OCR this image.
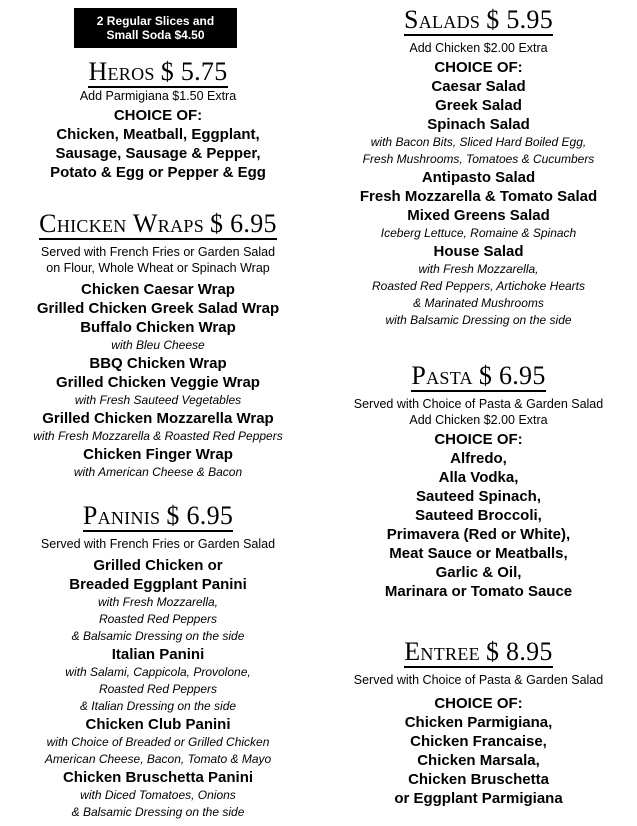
2 Regular Slices and
Small Soda $4.50
Heros $ 5.75
Add Parmigiana $1.50 Extra
CHOICE OF:
Chicken, Meatball, Eggplant,
Sausage, Sausage & Pepper,
Potato & Egg or Pepper & Egg
Chicken Wraps $ 6.95
Served with French Fries or Garden Salad
on Flour, Whole Wheat or Spinach Wrap
Chicken Caesar Wrap
Grilled Chicken Greek Salad Wrap
Buffalo Chicken Wrap
with Bleu Cheese
BBQ Chicken Wrap
Grilled Chicken Veggie Wrap
with Fresh Sauteed Vegetables
Grilled Chicken Mozzarella Wrap
with Fresh Mozzarella & Roasted Red Peppers
Chicken Finger Wrap
with American Cheese & Bacon
Paninis $ 6.95
Served with French Fries or Garden Salad
Grilled Chicken or
Breaded Eggplant Panini
with Fresh Mozzarella,
Roasted Red Peppers
& Balsamic Dressing on the side
Italian Panini
with Salami, Cappicola, Provolone,
Roasted Red Peppers
& Italian Dressing on the side
Chicken Club Panini
with Choice of Breaded or Grilled Chicken
American Cheese, Bacon, Tomato & Mayo
Chicken Bruschetta Panini
with Diced Tomatoes, Onions
& Balsamic Dressing on the side
Salads $ 5.95
Add Chicken $2.00 Extra
CHOICE OF:
Caesar Salad
Greek Salad
Spinach Salad
with Bacon Bits, Sliced Hard Boiled Egg,
Fresh Mushrooms, Tomatoes & Cucumbers
Antipasto Salad
Fresh Mozzarella & Tomato Salad
Mixed Greens Salad
Iceberg Lettuce, Romaine & Spinach
House Salad
with Fresh Mozzarella,
Roasted Red Peppers, Artichoke Hearts
& Marinated Mushrooms
with Balsamic Dressing on the side
Pasta $ 6.95
Served with Choice of Pasta & Garden Salad
Add Chicken $2.00 Extra
CHOICE OF:
Alfredo,
Alla Vodka,
Sauteed Spinach,
Sauteed Broccoli,
Primavera (Red or White),
Meat Sauce or Meatballs,
Garlic & Oil,
Marinara or Tomato Sauce
Entree $ 8.95
Served with Choice of Pasta & Garden Salad
CHOICE OF:
Chicken Parmigiana,
Chicken Francaise,
Chicken Marsala,
Chicken Bruschetta
or Eggplant Parmigiana
